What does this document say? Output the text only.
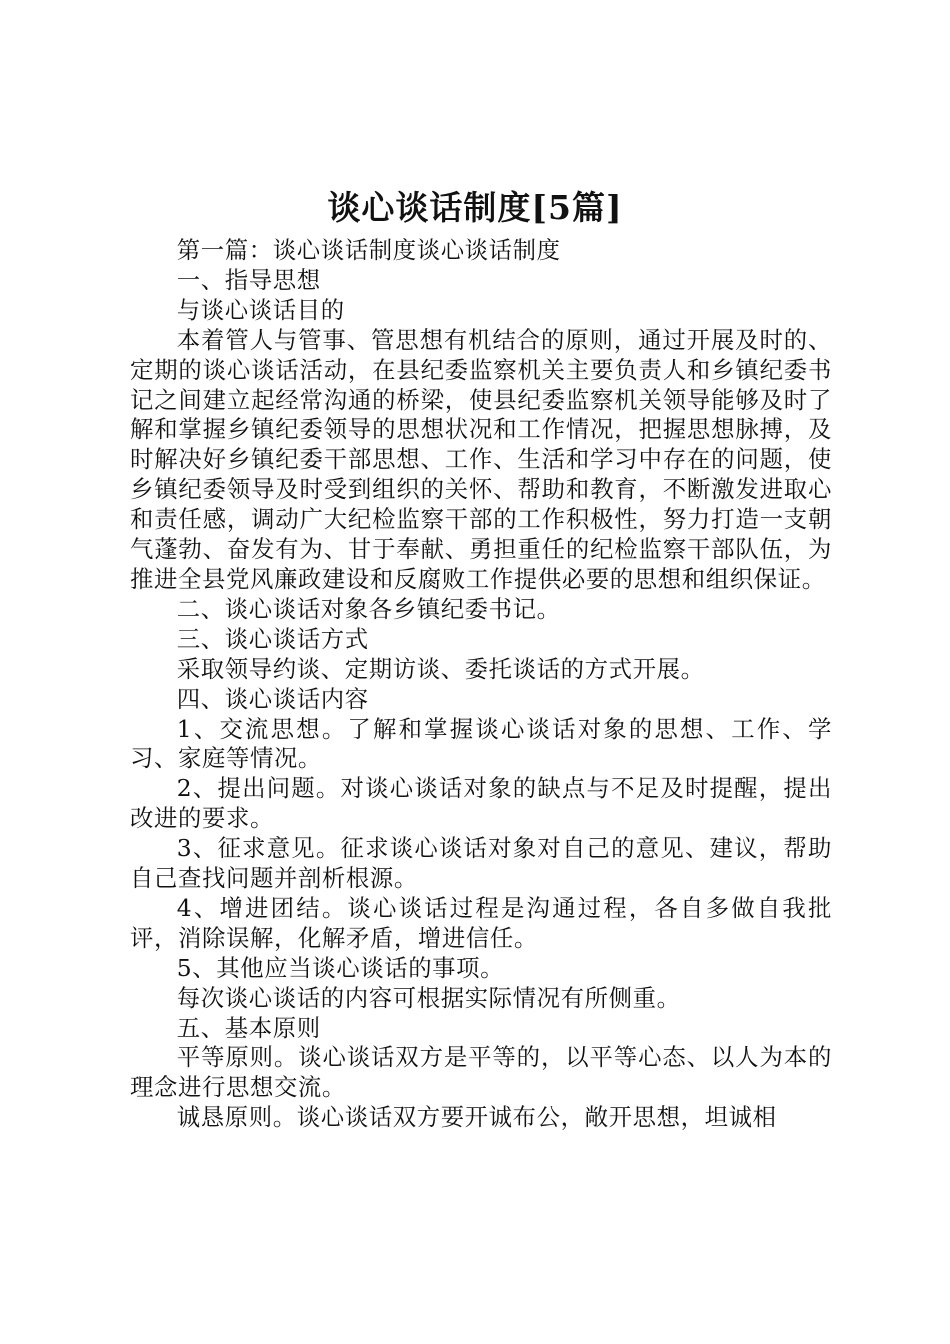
谈心谈话制度[5篇]

第一篇：谈心谈话制度谈心谈话制度

一、指导思想

与谈心谈话目的

本着管人与管事、管思想有机结合的原则，通过开展及时的、定期的谈心谈话活动，在县纪委监察机关主要负责人和乡镇纪委书记之间建立起经常沟通的桥梁，使县纪委监察机关领导能够及时了解和掌握乡镇纪委领导的思想状况和工作情况，把握思想脉搏，及时解决好乡镇纪委干部思想、工作、生活和学习中存在的问题，使乡镇纪委领导及时受到组织的关怀、帮助和教育，不断激发进取心和责任感，调动广大纪检监察干部的工作积极性，努力打造一支朝气蓬勃、奋发有为、甘于奉献、勇担重任的纪检监察干部队伍，为推进全县党风廉政建设和反腐败工作提供必要的思想和组织保证。

二、谈心谈话对象各乡镇纪委书记。

三、谈心谈话方式

采取领导约谈、定期访谈、委托谈话的方式开展。

四、谈心谈话内容

1、交流思想。了解和掌握谈心谈话对象的思想、工作、学习、家庭等情况。

2、提出问题。对谈心谈话对象的缺点与不足及时提醒，提出改进的要求。

3、征求意见。征求谈心谈话对象对自己的意见、建议，帮助自己查找问题并剖析根源。

4、增进团结。谈心谈话过程是沟通过程，各自多做自我批评，消除误解，化解矛盾，增进信任。

5、其他应当谈心谈话的事项。

每次谈心谈话的内容可根据实际情况有所侧重。

五、基本原则

平等原则。谈心谈话双方是平等的，以平等心态、以人为本的理念进行思想交流。

诚恳原则。谈心谈话双方要开诚布公，敞开思想，坦诚相
